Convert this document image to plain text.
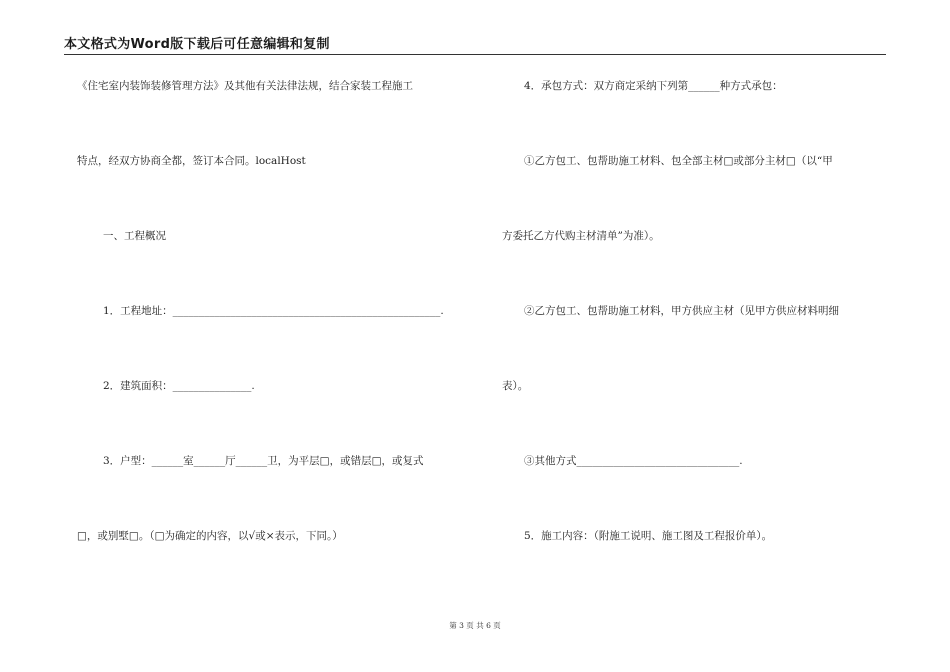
本文格式为Word版下载后可任意编辑和复制
《住宅室内装饰装修管理方法》及其他有关法律法规，结合家装工程施工
特点，经双方协商全都，签订本合同。localHost
一、工程概况
1．工程地址：___________________________________________________.
2．建筑面积：_______________.
3．户型：______室______厅______卫，为平层□，或错层□，或复式
□，或别墅□。（□为确定的内容，以√或×表示，下同。）
4．承包方式：双方商定采纳下列第______种方式承包：
①乙方包工、包帮助施工材料、包全部主材□或部分主材□（以“甲
方委托乙方代购主材清单”为准）。
②乙方包工、包帮助施工材料，甲方供应主材（见甲方供应材料明细
表）。
③其他方式_______________________________.
5．施工内容：（附施工说明、施工图及工程报价单）。
第 3 页 共 6 页
